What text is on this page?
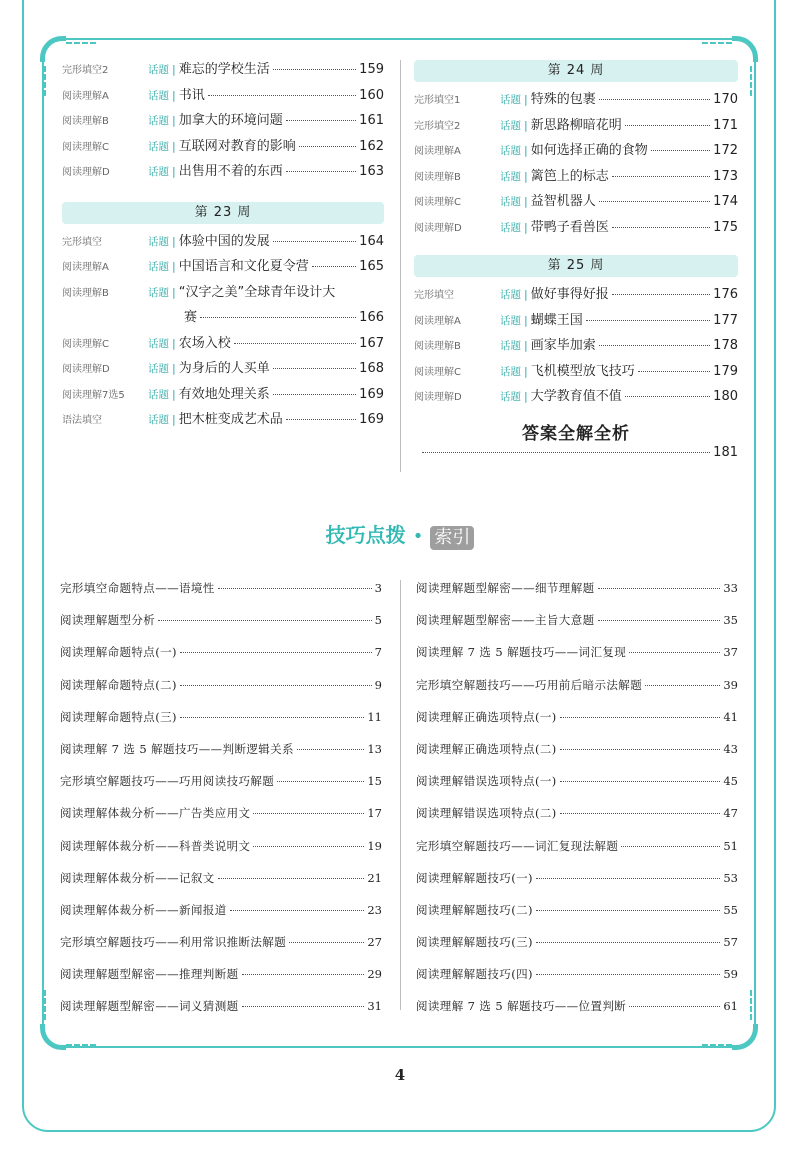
完形填空2	话题 | 难忘的学校生活	159
阅读理解A	话题 | 书讯	160
阅读理解B	话题 | 加拿大的环境问题	161
阅读理解C	话题 | 互联网对教育的影响	162
阅读理解D	话题 | 出售用不着的东西	163
第 23 周
完形填空	话题 | 体验中国的发展	164
阅读理解A	话题 | 中国语言和文化夏令营	165
阅读理解B	话题 | “汉字之美”全球青年设计大
赛	166
阅读理解C	话题 | 农场入校	167
阅读理解D	话题 | 为身后的人买单	168
阅读理解7选5	话题 | 有效地处理关系	169
语法填空	话题 | 把木桩变成艺术品	169
第 24 周
完形填空1	话题 | 特殊的包裹	170
完形填空2	话题 | 新思路柳暗花明	171
阅读理解A	话题 | 如何选择正确的食物	172
阅读理解B	话题 | 篱笆上的标志	173
阅读理解C	话题 | 益智机器人	174
阅读理解D	话题 | 带鸭子看兽医	175
第 25 周
完形填空	话题 | 做好事得好报	176
阅读理解A	话题 | 蝴蝶王国	177
阅读理解B	话题 | 画家毕加索	178
阅读理解C	话题 | 飞机模型放飞技巧	179
阅读理解D	话题 | 大学教育值不值	180
答案全解全析
181
技巧点拨 • 索引
完形填空命题特点——语境性	3
阅读理解题型分析	5
阅读理解命题特点(一)	7
阅读理解命题特点(二)	9
阅读理解命题特点(三)	11
阅读理解 7 选 5 解题技巧——判断逻辑关系	13
完形填空解题技巧——巧用阅读技巧解题	15
阅读理解体裁分析——广告类应用文	17
阅读理解体裁分析——科普类说明文	19
阅读理解体裁分析——记叙文	21
阅读理解体裁分析——新闻报道	23
完形填空解题技巧——利用常识推断法解题	27
阅读理解题型解密——推理判断题	29
阅读理解题型解密——词义猜测题	31
阅读理解题型解密——细节理解题	33
阅读理解题型解密——主旨大意题	35
阅读理解 7 选 5 解题技巧——词汇复现	37
完形填空解题技巧——巧用前后暗示法解题	39
阅读理解正确选项特点(一)	41
阅读理解正确选项特点(二)	43
阅读理解错误选项特点(一)	45
阅读理解错误选项特点(二)	47
完形填空解题技巧——词汇复现法解题	51
阅读理解解题技巧(一)	53
阅读理解解题技巧(二)	55
阅读理解解题技巧(三)	57
阅读理解解题技巧(四)	59
阅读理解 7 选 5 解题技巧——位置判断	61
4
